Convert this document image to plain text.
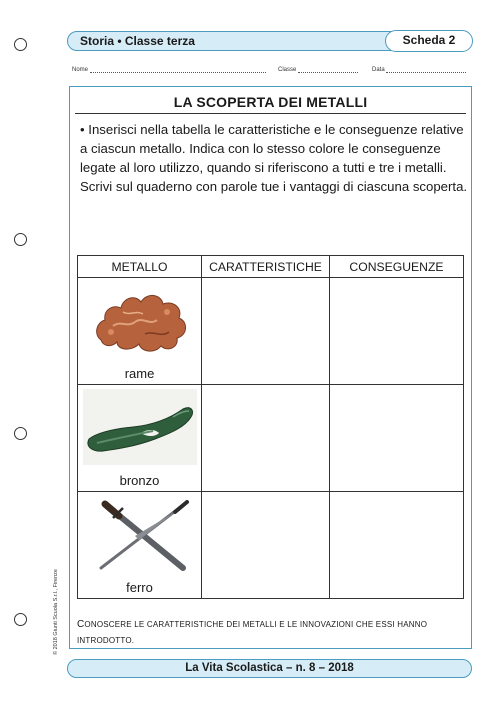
Storia • Classe terza	Scheda 2
Nome	Classe	Data
LA SCOPERTA DEI METALLI
• Inserisci nella tabella le caratteristiche e le conseguenze relative a ciascun metallo. Indica con lo stesso colore le conseguenze legate al loro utilizzo, quando si riferiscono a tutti e tre i metalli. Scrivi sul quaderno con parole tue i vantaggi di ciascuna scoperta.
METALLO	CARATTERISTICHE	CONSEGUENZE

rame		

bronzo		

ferro		

CONOSCERE LE CARATTERISTICHE DEI METALLI E LE INNOVAZIONI CHE ESSI HANNO INTRODOTTO.
© 2018 Giunti Scuola S.r.l., Firenze
La Vita Scolastica – n. 8 – 2018
